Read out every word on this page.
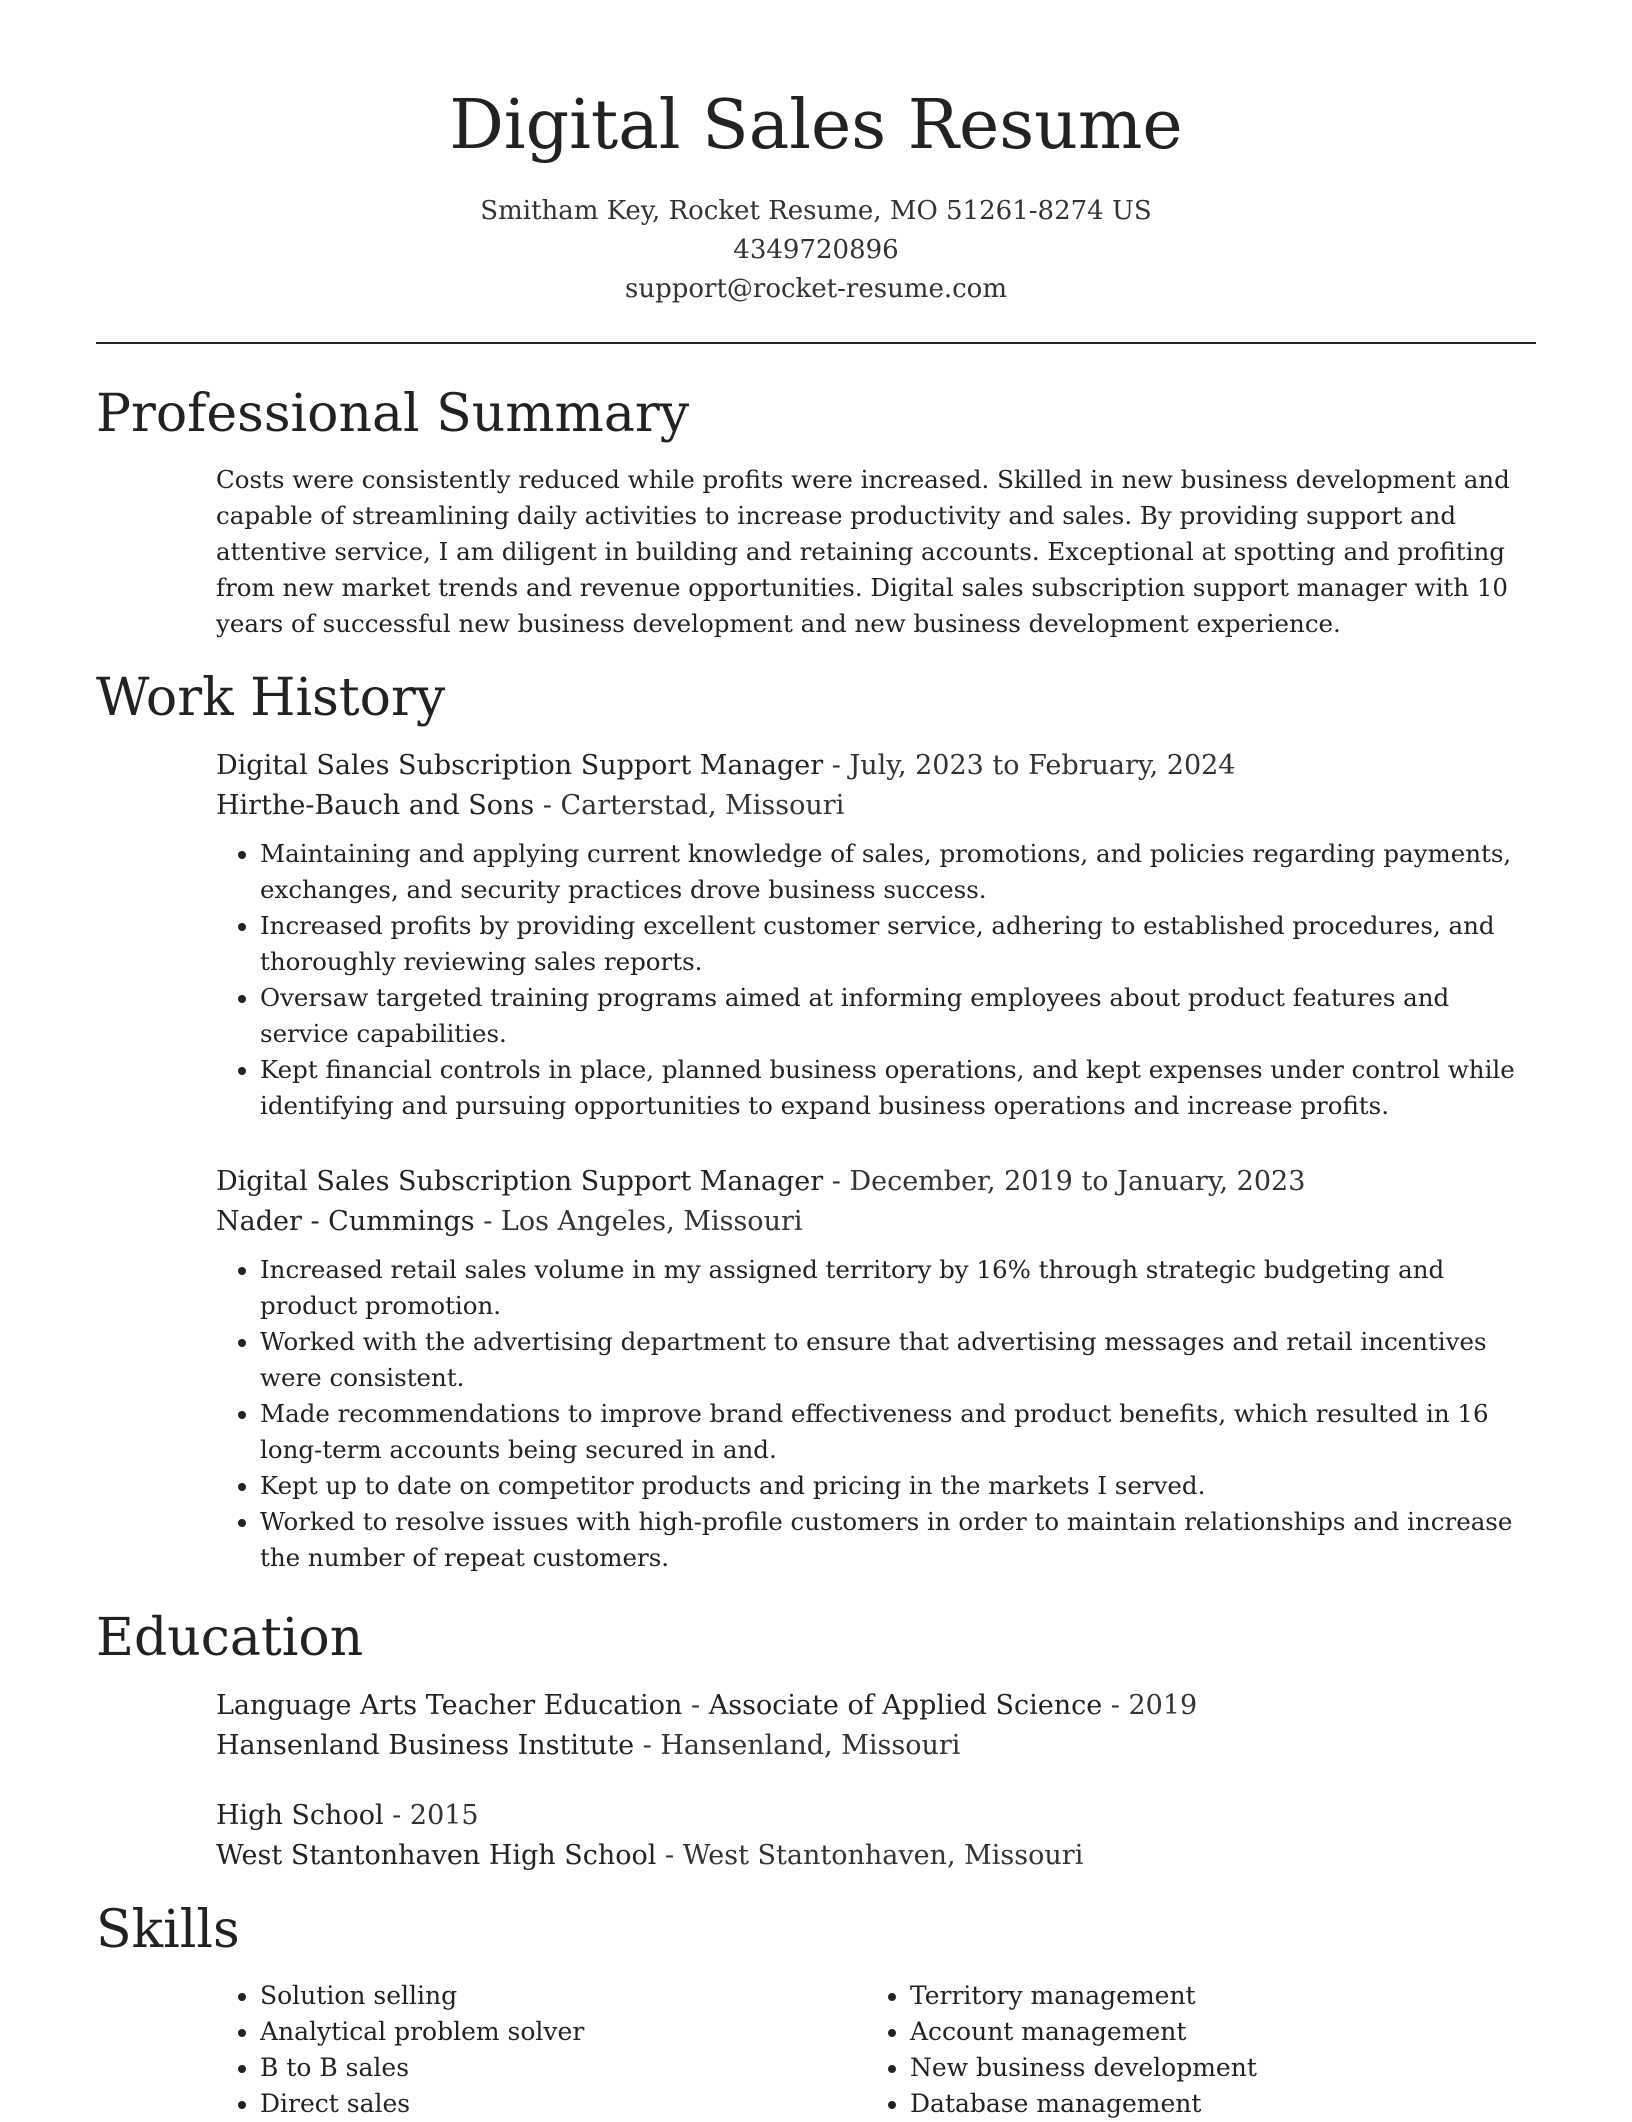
Digital Sales Resume
Smitham Key, Rocket Resume, MO 51261-8274 US
4349720896
support@rocket-resume.com
Professional Summary

Costs were consistently reduced while profits were increased. Skilled in new business development and capable of streamlining daily activities to increase productivity and sales. By providing support and attentive service, I am diligent in building and retaining accounts. Exceptional at spotting and profiting from new market trends and revenue opportunities. Digital sales subscription support manager with 10 years of successful new business development and new business development experience.

Work History
Digital Sales Subscription Support Manager - July, 2023 to February, 2024
Hirthe-Bauch and Sons - Carterstad, Missouri
• Maintaining and applying current knowledge of sales, promotions, and policies regarding payments, exchanges, and security practices drove business success.
• Increased profits by providing excellent customer service, adhering to established procedures, and thoroughly reviewing sales reports.
• Oversaw targeted training programs aimed at informing employees about product features and service capabilities.
• Kept financial controls in place, planned business operations, and kept expenses under control while identifying and pursuing opportunities to expand business operations and increase profits.
Digital Sales Subscription Support Manager - December, 2019 to January, 2023
Nader - Cummings - Los Angeles, Missouri
• Increased retail sales volume in my assigned territory by 16% through strategic budgeting and product promotion.
• Worked with the advertising department to ensure that advertising messages and retail incentives were consistent.
• Made recommendations to improve brand effectiveness and product benefits, which resulted in 16 long-term accounts being secured in and.
• Kept up to date on competitor products and pricing in the markets I served.
• Worked to resolve issues with high-profile customers in order to maintain relationships and increase the number of repeat customers.
Education
Language Arts Teacher Education - Associate of Applied Science - 2019
Hansenland Business Institute - Hansenland, Missouri
High School - 2015
West Stantonhaven High School - West Stantonhaven, Missouri
Skills
• Solution selling
• Analytical problem solver
• B to B sales
• Direct sales
• Territory management
• Account management
• New business development
• Database management
